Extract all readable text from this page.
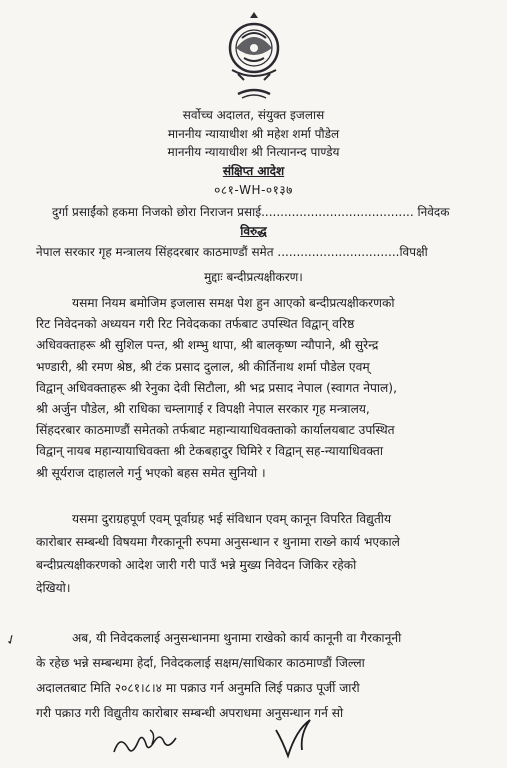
सर्वोच्च अदालत, संयुक्त इजलास
माननीय न्यायाधीश श्री महेश शर्मा पौडेल
माननीय न्यायाधीश श्री नित्यानन्द पाण्डेय
संक्षिप्त आदेश
०८१-WH-०१३७
दुर्गा प्रसाईंको हकमा निजको छोरा निराजन प्रसाई........................................ निवेदक
विरुद्ध
नेपाल सरकार गृह मन्त्रालय सिंहदरबार काठमाण्डौं समेत ................................विपक्षी
मुद्दाः बन्दीप्रत्यक्षीकरण।
यसमा नियम बमोजिम इजलास समक्ष पेश हुन आएको बन्दीप्रत्यक्षीकरणको
रिट निवेदनको अध्ययन गरी रिट निवेदकका तर्फबाट उपस्थित विद्वान् वरिष्ठ
अधिवक्ताहरू श्री सुशिल पन्त, श्री शम्भु थापा, श्री बालकृष्ण न्यौपाने, श्री सुरेन्द्र
भण्डारी, श्री रमण श्रेष्ठ, श्री टंक प्रसाद दुलाल, श्री कीर्तिनाथ शर्मा पौडेल एवम्
विद्वान् अधिवक्ताहरू श्री रेनुका देवी सिटौला, श्री भद्र प्रसाद नेपाल (स्वागत नेपाल),
श्री अर्जुन पौडेल, श्री राधिका चम्लागाई र विपक्षी नेपाल सरकार गृह मन्त्रालय,
सिंहदरबार काठमाण्डौं समेतको तर्फबाट महान्यायाधिवक्ताको कार्यालयबाट उपस्थित
विद्वान् नायब महान्यायाधिवक्ता श्री टेकबहादुर घिमिरे र विद्वान् सह-न्यायाधिवक्ता
श्री सूर्यराज दाहालले गर्नु भएको बहस समेत सुनियो ।
यसमा दुराग्रहपूर्ण एवम् पूर्वाग्रह भई संविधान एवम् कानून विपरित विद्युतीय
कारोबार सम्बन्धी विषयमा गैरकानूनी रुपमा अनुसन्धान र थुनामा राख्ने कार्य भएकाले
बन्दीप्रत्यक्षीकरणको आदेश जारी गरी पाउँ भन्ने मुख्य निवेदन जिकिर रहेको
देखियो।
✓	अब, यी निवेदकलाई अनुसन्धानमा थुनामा राखेको कार्य कानूनी वा गैरकानूनी
के रहेछ भन्ने सम्बन्धमा हेर्दा, निवेदकलाई सक्षम/साधिकार काठमाण्डौं जिल्ला
अदालतबाट मिति २०८१।८।४ मा पक्राउ गर्न अनुमति लिई पक्राउ पूर्जी जारी
गरी पक्राउ गरी विद्युतीय कारोबार सम्बन्धी अपराधमा अनुसन्धान गर्न सो
